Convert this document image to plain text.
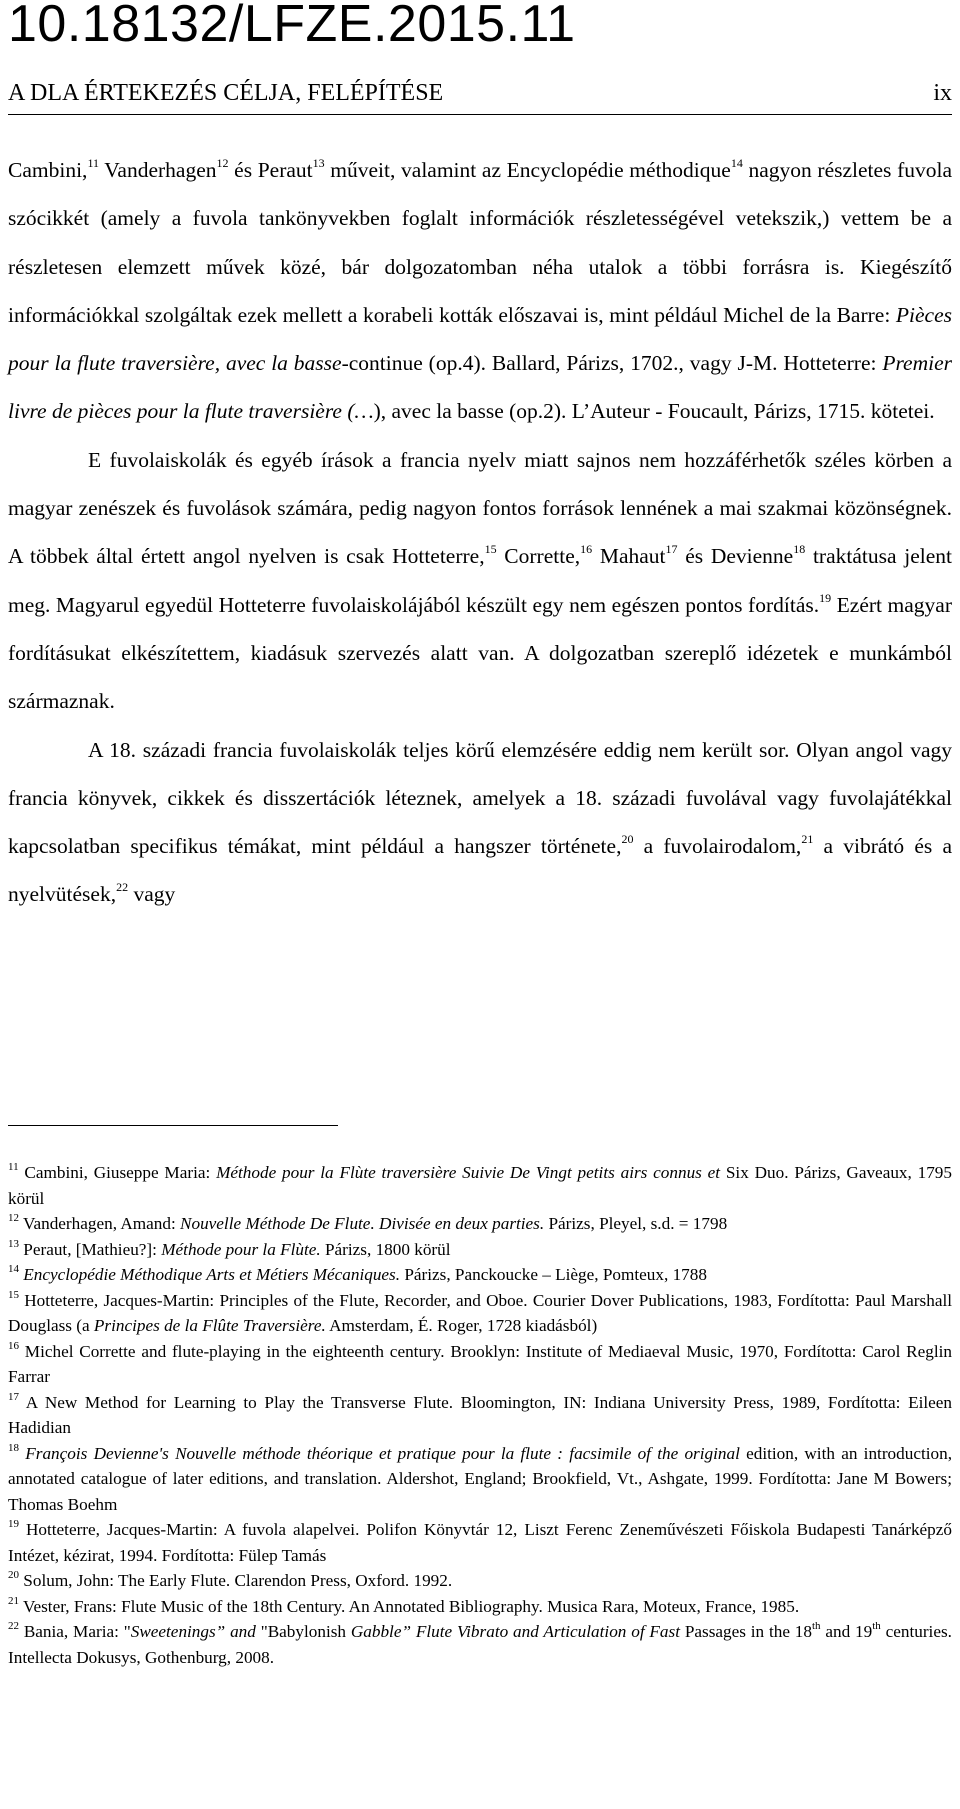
10.18132/LFZE.2015.11
A DLA ÉRTEKEZÉS CÉLJA, FELÉPÍTÉSE	ix

Cambini,$^{11}$ Vanderhagen$^{12}$ és Peraut$^{13}$ műveit, valamint az Encyclopédie méthodique$^{14}$ nagyon részletes fuvola szócikkét (amely a fuvola tankönyvekben foglalt információk részletességével vetekszik,) vettem be a részletesen elemzett művek közé, bár dolgozatomban néha utalok a többi forrásra is. Kiegészítő információkkal szolgáltak ezek mellett a korabeli kották előszavai is, mint például Michel de la Barre: Pièces pour la flute traversière, avec la basse-continue (op.4). Ballard, Párizs, 1702., vagy J-M. Hotteterre: Premier livre de pièces pour la flute traversière (…), avec la basse (op.2). L’Auteur - Foucault, Párizs, 1715. kötetei.

E fuvolaiskolák és egyéb írások a francia nyelv miatt sajnos nem hozzáférhetők széles körben a magyar zenészek és fuvolások számára, pedig nagyon fontos források lennének a mai szakmai közönségnek. A többek által értett angol nyelven is csak Hotteterre,$^{15}$ Corrette,$^{16}$ Mahaut$^{17}$ és Devienne$^{18}$ traktátusa jelent meg. Magyarul egyedül Hotteterre fuvolaiskolájából készült egy nem egészen pontos fordítás.$^{19}$ Ezért magyar fordításukat elkészítettem, kiadásuk szervezés alatt van. A dolgozatban szereplő idézetek e munkámból származnak.

A 18. századi francia fuvolaiskolák teljes körű elemzésére eddig nem került sor. Olyan angol vagy francia könyvek, cikkek és disszertációk léteznek, amelyek a 18. századi fuvolával vagy fuvolajátékkal kapcsolatban specifikus témákat, mint például a hangszer története,$^{20}$ a fuvolairodalom,$^{21}$ a vibrátó és a nyelvütések,$^{22}$ vagy

$^{11}$ Cambini, Giuseppe Maria: Méthode pour la Flùte traversière Suivie De Vingt petits airs connus et Six Duo. Párizs, Gaveaux, 1795 körül

$^{12}$ Vanderhagen, Amand: Nouvelle Méthode De Flute. Divisée en deux parties. Párizs, Pleyel, s.d. = 1798

$^{13}$ Peraut, [Mathieu?]: Méthode pour la Flùte. Párizs, 1800 körül

$^{14}$ Encyclopédie Méthodique Arts et Métiers Mécaniques. Párizs, Panckoucke – Liège, Pomteux, 1788

$^{15}$ Hotteterre, Jacques-Martin: Principles of the Flute, Recorder, and Oboe. Courier Dover Publications, 1983, Fordította: Paul Marshall Douglass (a Principes de la Flûte Traversière. Amsterdam, É. Roger, 1728 kiadásból)

$^{16}$ Michel Corrette and flute-playing in the eighteenth century. Brooklyn: Institute of Mediaeval Music, 1970, Fordította: Carol Reglin Farrar

$^{17}$ A New Method for Learning to Play the Transverse Flute. Bloomington, IN: Indiana University Press, 1989, Fordította: Eileen Hadidian

$^{18}$ François Devienne's Nouvelle méthode théorique et pratique pour la flute : facsimile of the original edition, with an introduction, annotated catalogue of later editions, and translation. Aldershot, England; Brookfield, Vt., Ashgate, 1999. Fordította: Jane M Bowers; Thomas Boehm

$^{19}$ Hotteterre, Jacques-Martin: A fuvola alapelvei. Polifon Könyvtár 12, Liszt Ferenc Zeneművészeti Főiskola Budapesti Tanárképző Intézet, kézirat, 1994. Fordította: Fülep Tamás

$^{20}$ Solum, John: The Early Flute. Clarendon Press, Oxford. 1992.

$^{21}$ Vester, Frans: Flute Music of the 18th Century. An Annotated Bibliography. Musica Rara, Moteux, France, 1985.

$^{22}$ Bania, Maria: "Sweetenings” and "Babylonish Gabble” Flute Vibrato and Articulation of Fast Passages in the 18th and 19th centuries. Intellecta Dokusys, Gothenburg, 2008.
